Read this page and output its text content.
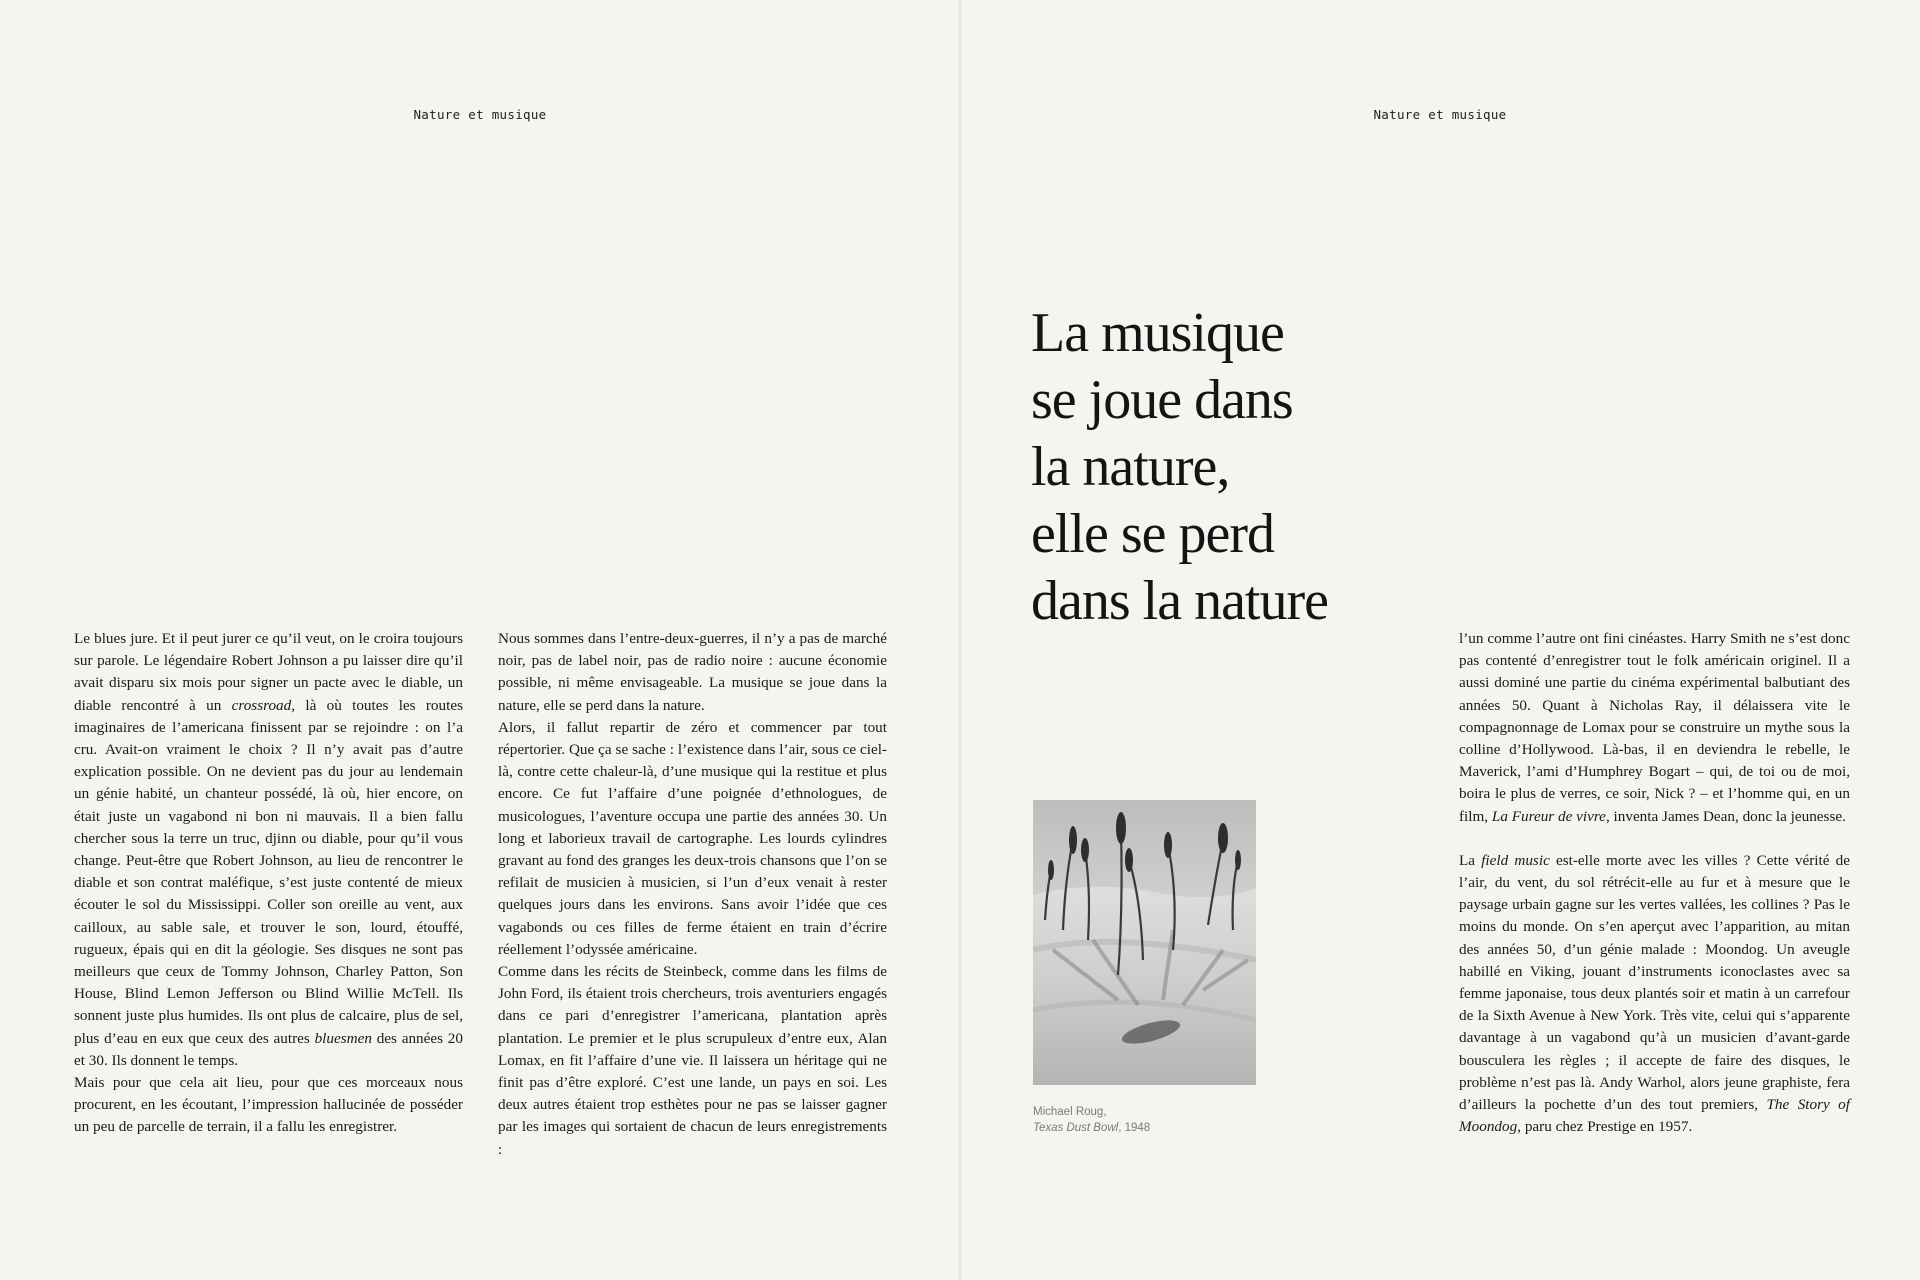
Nature et musique

Le blues jure. Et il peut jurer ce qu’il veut, on le croira toujours sur parole. Le légendaire Robert Johnson a pu laisser dire qu’il avait disparu six mois pour signer un pacte avec le diable, un diable rencontré à un crossroad, là où toutes les routes imaginaires de l’americana finissent par se rejoindre : on l’a cru. Avait-on vraiment le choix ? Il n’y avait pas d’autre explication possible. On ne devient pas du jour au lendemain un génie habité, un chanteur possédé, là où, hier encore, on était juste un vagabond ni bon ni mauvais. Il a bien fallu chercher sous la terre un truc, djinn ou diable, pour qu’il vous change. Peut-être que Robert Johnson, au lieu de rencontrer le diable et son contrat maléfique, s’est juste contenté de mieux écouter le sol du Mississippi. Coller son oreille au vent, aux cailloux, au sable sale, et trouver le son, lourd, étouffé, rugueux, épais qui en dit la géologie. Ses disques ne sont pas meilleurs que ceux de Tommy Johnson, Charley Patton, Son House, Blind Lemon Jefferson ou Blind Willie McTell. Ils sonnent juste plus humides. Ils ont plus de calcaire, plus de sel, plus d’eau en eux que ceux des autres bluesmen des années 20 et 30. Ils donnent le temps.

Mais pour que cela ait lieu, pour que ces morceaux nous procurent, en les écoutant, l’impression hallucinée de posséder un peu de parcelle de terrain, il a fallu les enregistrer.

Nous sommes dans l’entre-deux-guerres, il n’y a pas de marché noir, pas de label noir, pas de radio noire : aucune économie possible, ni même envisageable. La musique se joue dans la nature, elle se perd dans la nature.

Alors, il fallut repartir de zéro et commencer par tout répertorier. Que ça se sache : l’existence dans l’air, sous ce ciel-là, contre cette chaleur-là, d’une musique qui la restitue et plus encore. Ce fut l’affaire d’une poignée d’ethnologues, de musicologues, l’aventure occupa une partie des années 30. Un long et laborieux travail de cartographe. Les lourds cylindres gravant au fond des granges les deux-trois chansons que l’on se refilait de musicien à musicien, si l’un d’eux venait à rester quelques jours dans les environs. Sans avoir l’idée que ces vagabonds ou ces filles de ferme étaient en train d’écrire réellement l’odyssée américaine.

Comme dans les récits de Steinbeck, comme dans les films de John Ford, ils étaient trois chercheurs, trois aventuriers engagés dans ce pari d’enregistrer l’americana, plantation après plantation. Le premier et le plus scrupuleux d’entre eux, Alan Lomax, en fit l’affaire d’une vie. Il laissera un héritage qui ne finit pas d’être exploré. C’est une lande, un pays en soi. Les deux autres étaient trop esthètes pour ne pas se laisser gagner par les images qui sortaient de chacun de leurs enregistrements :

Nature et musique
La musique
se joue dans
la nature,
elle se perd
dans la nature
Michael Roug,
Texas Dust Bowl, 1948

l’un comme l’autre ont fini cinéastes. Harry Smith ne s’est donc pas contenté d’enregistrer tout le folk américain originel. Il a aussi dominé une partie du cinéma expérimental balbutiant des années 50. Quant à Nicholas Ray, il délaissera vite le compagnonnage de Lomax pour se construire un mythe sous la colline d’Hollywood. Là-bas, il en deviendra le rebelle, le Maverick, l’ami d’Humphrey Bogart – qui, de toi ou de moi, boira le plus de verres, ce soir, Nick ? – et l’homme qui, en un film, La Fureur de vivre, inventa James Dean, donc la jeunesse.

La field music est-elle morte avec les villes ? Cette vérité de l’air, du vent, du sol rétrécit-elle au fur et à mesure que le paysage urbain gagne sur les vertes vallées, les collines ? Pas le moins du monde. On s’en aperçut avec l’apparition, au mitan des années 50, d’un génie malade : Moondog. Un aveugle habillé en Viking, jouant d’instruments iconoclastes avec sa femme japonaise, tous deux plantés soir et matin à un carrefour de la Sixth Avenue à New York. Très vite, celui qui s’apparente davantage à un vagabond qu’à un musicien d’avant-garde bousculera les règles ; il accepte de faire des disques, le problème n’est pas là. Andy Warhol, alors jeune graphiste, fera d’ailleurs la pochette d’un des tout premiers, The Story of Moondog, paru chez Prestige en 1957.
